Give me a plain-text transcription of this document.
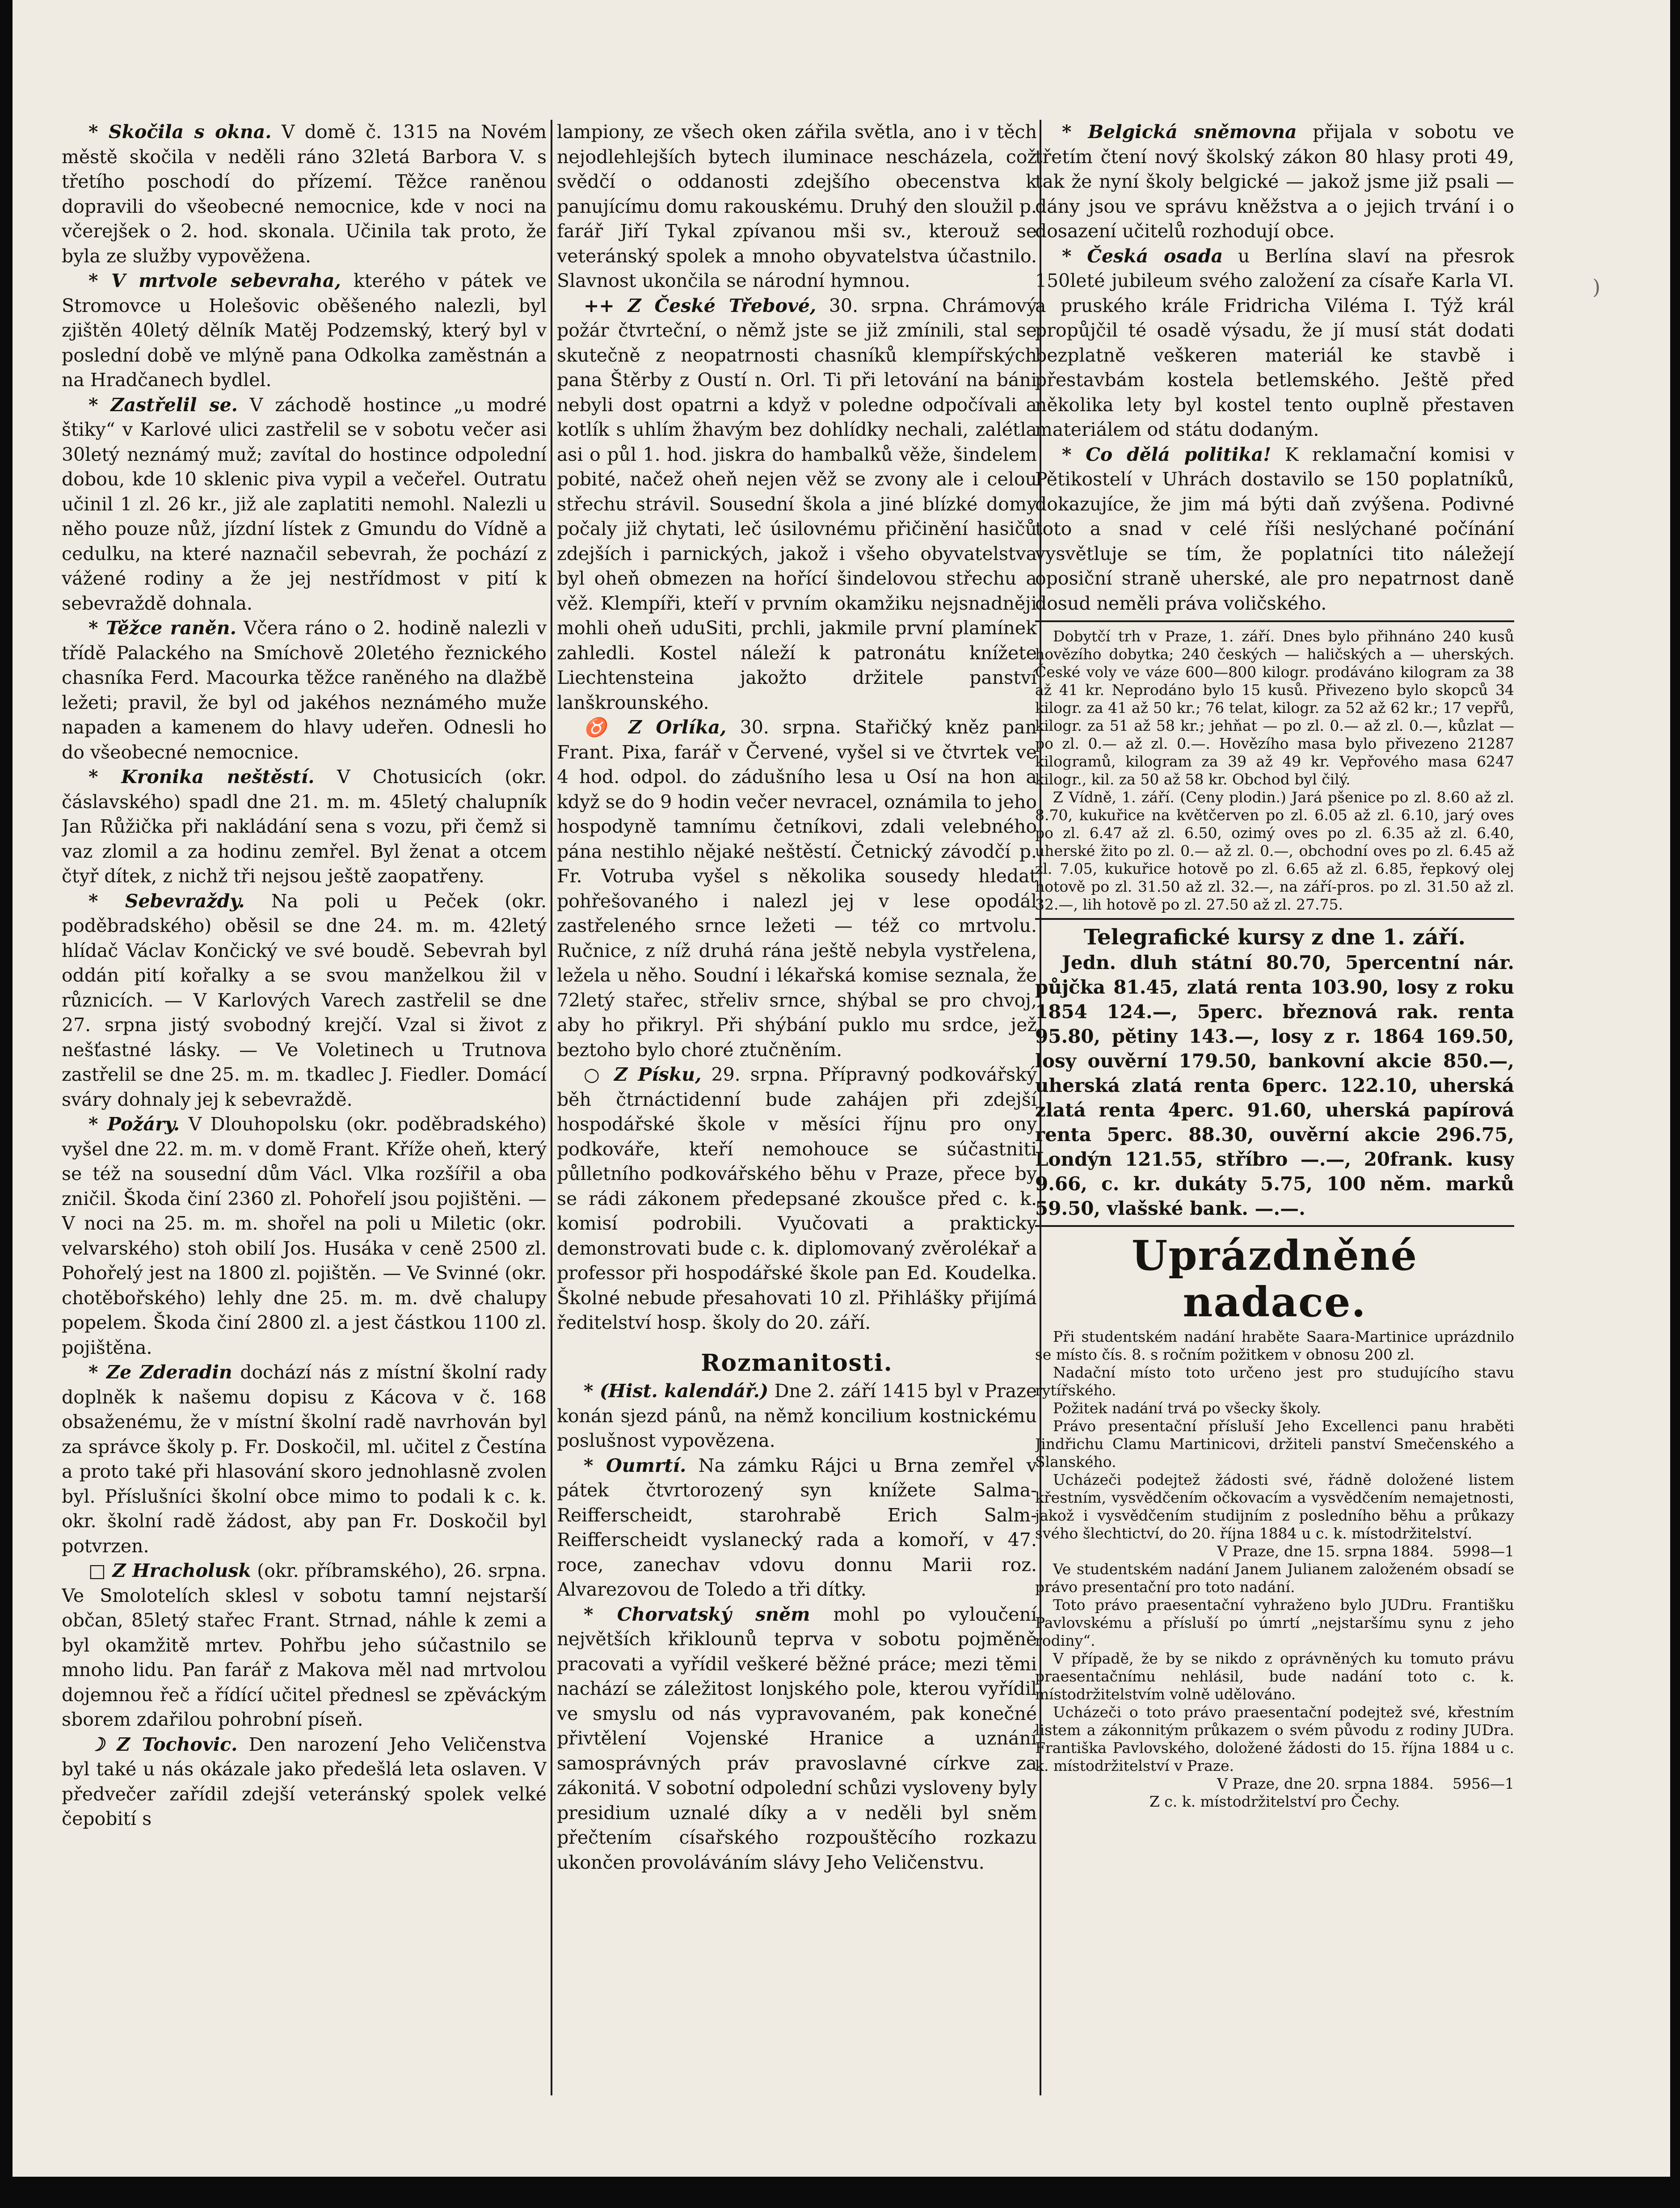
)

* Skočila s okna. V domě č. 1315 na Novém městě skočila v neděli ráno 32letá Barbora V. s třetího poschodí do přízemí. Těžce raněnou dopravili do všeobecné nemocnice, kde v noci na včerejšek o 2. hod. skonala. Učinila tak proto, že byla ze služby vypověžena.

* V mrtvole sebevraha, kterého v pátek ve Stromovce u Holešovic oběšeného nalezli, byl zjištěn 40letý dělník Matěj Podzemský, který byl v poslední době ve mlýně pana Odkolka zaměstnán a na Hradčanech bydlel.

* Zastřelil se. V záchodě hostince „u modré štiky“ v Karlové ulici zastřelil se v sobotu večer asi 30letý neznámý muž; zavítal do hostince odpolední dobou, kde 10 sklenic piva vypil a večeřel. Outratu učinil 1 zl. 26 kr., již ale zaplatiti nemohl. Nalezli u něho pouze nůž, jízdní lístek z Gmundu do Vídně a cedulku, na které naznačil sebevrah, že pochází z vážené rodiny a že jej nestřídmost v pití k sebevraždě dohnala.

* Těžce raněn. Včera ráno o 2. hodině nalezli v třídě Palackého na Smíchově 20letého řeznického chasníka Ferd. Macourka těžce raněného na dlažbě ležeti; pravil, že byl od jakéhos neznámého muže napaden a kamenem do hlavy udeřen. Odnesli ho do všeobecné nemocnice.

* Kronika neštěstí. V Chotusicích (okr. čáslavského) spadl dne 21. m. m. 45letý chalupník Jan Růžička při nakládání sena s vozu, při čemž si vaz zlomil a za hodinu zemřel. Byl ženat a otcem čtyř dítek, z nichž tři nejsou ještě zaopatřeny.

* Sebevraždy. Na poli u Peček (okr. poděbradského) oběsil se dne 24. m. m. 42letý hlídač Václav Končický ve své boudě. Sebevrah byl oddán pití kořalky a se svou manželkou žil v různicích. — V Karlových Varech zastřelil se dne 27. srpna jistý svobodný krejčí. Vzal si život z nešťastné lásky. — Ve Voletinech u Trutnova zastřelil se dne 25. m. m. tkadlec J. Fiedler. Domácí sváry dohnaly jej k sebevraždě.

* Požáry. V Dlouhopolsku (okr. poděbradského) vyšel dne 22. m. m. v domě Frant. Kříže oheň, který se též na sousední dům Václ. Vlka rozšířil a oba zničil. Škoda činí 2360 zl. Pohořelí jsou pojištěni. — V noci na 25. m. m. shořel na poli u Miletic (okr. velvarského) stoh obilí Jos. Husáka v ceně 2500 zl. Pohořelý jest na 1800 zl. pojištěn. — Ve Svinné (okr. chotěbořského) lehly dne 25. m. m. dvě chalupy popelem. Škoda činí 2800 zl. a jest částkou 1100 zl. pojištěna.

* Ze Zderadin dochází nás z místní školní rady doplněk k našemu dopisu z Kácova v č. 168 obsaženému, že v místní školní radě navrhován byl za správce školy p. Fr. Doskočil, ml. učitel z Čestína a proto také při hlasování skoro jednohlasně zvolen byl. Příslušníci školní obce mimo to podali k c. k. okr. školní radě žádost, aby pan Fr. Doskočil byl potvrzen.

□ Z Hracholusk (okr. příbramského), 26. srpna. Ve Smolotelích sklesl v sobotu tamní nejstarší občan, 85letý stařec Frant. Strnad, náhle k zemi a byl okamžitě mrtev. Pohřbu jeho súčastnilo se mnoho lidu. Pan farář z Makova měl nad mrtvolou dojemnou řeč a řídící učitel přednesl se zpěváckým sborem zdařilou pohrobní píseň.

☽ Z Tochovic. Den narození Jeho Veličenstva byl také u nás okázale jako předešlá leta oslaven. V předvečer zařídil zdejší veteránský spolek velké čepobití s

lampiony, ze všech oken zářila světla, ano i v těch nejodlehlejších bytech iluminace nescházela, což svědčí o oddanosti zdejšího obecenstva k panujícímu domu rakouskému. Druhý den sloužil p. farář Jiří Tykal zpívanou mši sv., kterouž se veteránský spolek a mnoho obyvatelstva účastnilo. Slavnost ukončila se národní hymnou.

++ Z České Třebové, 30. srpna. Chrámový požár čtvrteční, o němž jste se již zmínili, stal se skutečně z neopatrnosti chasníků klempířských pana Štěrby z Oustí n. Orl. Ti při letování na báni nebyli dost opatrni a když v poledne odpočívali a kotlík s uhlím žhavým bez dohlídky nechali, zalétla asi o půl 1. hod. jiskra do hambalků věže, šindelem pobité, načež oheň nejen věž se zvony ale i celou střechu strávil. Sousední škola a jiné blízké domy počaly již chytati, leč úsilovnému přičinění hasičů zdejších i parnických, jakož i všeho obyvatelstva byl oheň obmezen na hořící šindelovou střechu a věž. Klempíři, kteří v prvním okamžiku nejsnadněji mohli oheň uduSiti, prchli, jakmile první plamínek zahledli. Kostel náleží k patronátu knížete Liechtensteina jakožto držitele panství lanškrounského.

♉ Z Orlíka, 30. srpna. Stařičký kněz pan Frant. Pixa, farář v Červené, vyšel si ve čtvrtek ve 4 hod. odpol. do zádušního lesa u Osí na hon a když se do 9 hodin večer nevracel, oznámila to jeho hospodyně tamnímu četníkovi, zdali velebného pána nestihlo nějaké neštěstí. Četnický závodčí p. Fr. Votruba vyšel s několika sousedy hledat pohřešovaného i nalezl jej v lese opodál zastřeleného srnce ležeti — též co mrtvolu. Ručnice, z níž druhá rána ještě nebyla vystřelena, ležela u něho. Soudní i lékařská komise seznala, že 72letý stařec, střeliv srnce, shýbal se pro chvoj, aby ho přikryl. Při shýbání puklo mu srdce, jež beztoho bylo choré ztučněním.

○ Z Písku, 29. srpna. Přípravný podkovářský běh čtrnáctidenní bude zahájen při zdejší hospodářské škole v měsíci říjnu pro ony podkováře, kteří nemohouce se súčastniti půlletního podkovářského běhu v Praze, přece by se rádi zákonem předepsané zkoušce před c. k. komisí podrobili. Vyučovati a prakticky demonstrovati bude c. k. diplomovaný zvěrolékař a professor při hospodářské škole pan Ed. Koudelka. Školné nebude přesahovati 10 zl. Přihlášky přijímá ředitelství hosp. školy do 20. září.

Rozmanitosti.

* (Hist. kalendář.) Dne 2. září 1415 byl v Praze konán sjezd pánů, na němž koncilium kostnickému poslušnost vypovězena.

* Oumrtí. Na zámku Rájci u Brna zemřel v pátek čtvrtorozený syn knížete Salma-Reifferscheidt, starohrabě Erich Salm-Reifferscheidt vyslanecký rada a komoří, v 47. roce, zanechav vdovu donnu Marii roz. Alvarezovou de Toledo a tři dítky.

* Chorvatský sněm mohl po vyloučení největších křiklounů teprva v sobotu pojměně pracovati a vyřídil veškeré běžné práce; mezi těmi nachází se záležitost lonjského pole, kterou vyřídil ve smyslu od nás vypravovaném, pak konečné přivtělení Vojenské Hranice a uznání samosprávných práv pravoslavné církve za zákonitá. V sobotní odpolední schůzi vysloveny byly presidium uznalé díky a v neděli byl sněm přečtením císařského rozpouštěcího rozkazu ukončen provoláváním slávy Jeho Veličenstvu.

* Belgická sněmovna přijala v sobotu ve třetím čtení nový školský zákon 80 hlasy proti 49, tak že nyní školy belgické — jakož jsme již psali — dány jsou ve správu kněžstva a o jejich trvání i o dosazení učitelů rozhodují obce.

* Česká osada u Berlína slaví na přesrok 150leté jubileum svého založení za císaře Karla VI. a pruského krále Fridricha Viléma I. Týž král propůjčil té osadě výsadu, že jí musí stát dodati bezplatně veškeren materiál ke stavbě i přestavbám kostela betlemského. Ještě před několika lety byl kostel tento ouplně přestaven materiálem od státu dodaným.

* Co dělá politika! K reklamační komisi v Pětikostelí v Uhrách dostavilo se 150 poplatníků, dokazujíce, že jim má býti daň zvýšena. Podivné toto a snad v celé říši neslýchané počínání vysvětluje se tím, že poplatníci tito náležejí oposiční straně uherské, ale pro nepatrnost daně dosud neměli práva voličského.

Dobytčí trh v Praze, 1. září. Dnes bylo přihnáno 240 kusů hovězího dobytka; 240 českých — haličských a — uherských. České voly ve váze 600—800 kilogr. prodáváno kilogram za 38 až 41 kr. Neprodáno bylo 15 kusů. Přivezeno bylo skopců 34 kilogr. za 41 až 50 kr.; 76 telat, kilogr. za 52 až 62 kr.; 17 vepřů, kilogr. za 51 až 58 kr.; jehňat — po zl. 0.— až zl. 0.—, kůzlat — po zl. 0.— až zl. 0.—. Hovězího masa bylo přivezeno 21287 kilogramů, kilogram za 39 až 49 kr. Vepřového masa 6247 kilogr., kil. za 50 až 58 kr. Obchod byl čilý.

Z Vídně, 1. září. (Ceny plodin.) Jará pšenice po zl. 8.60 až zl. 8.70, kukuřice na květčerven po zl. 6.05 až zl. 6.10, jarý oves po zl. 6.47 až zl. 6.50, ozimý oves po zl. 6.35 až zl. 6.40, uherské žito po zl. 0.— až zl. 0.—, obchodní oves po zl. 6.45 až zl. 7.05, kukuřice hotově po zl. 6.65 až zl. 6.85, řepkový olej hotově po zl. 31.50 až zl. 32.—, na září-pros. po zl. 31.50 až zl. 32.—, lih hotově po zl. 27.50 až zl. 27.75.

Telegrafické kursy z dne 1. září.

Jedn. dluh státní 80.70, 5percentní nár. půjčka 81.45, zlatá renta 103.90, losy z roku 1854 124.—, 5perc. březnová rak. renta 95.80, pětiny 143.—, losy z r. 1864 169.50, losy ouvěrní 179.50, bankovní akcie 850.—, uherská zlatá renta 6perc. 122.10, uherská zlatá renta 4perc. 91.60, uherská papírová renta 5perc. 88.30, ouvěrní akcie 296.75, Londýn 121.55, stříbro —.—, 20frank. kusy 9.66, c. kr. dukáty 5.75, 100 něm. marků 59.50, vlašské bank. —.—.

Uprázdněné nadace.

Při studentském nadání hraběte Saara-Martinice uprázdnilo se místo čís. 8. s ročním požitkem v obnosu 200 zl.

Nadační místo toto určeno jest pro studujícího stavu rytířského.

Požitek nadání trvá po všecky školy.

Právo presentační přísluší Jeho Excellenci panu hraběti Jindřichu Clamu Martinicovi, držiteli panství Smečenského a Slanského.

Ucházeči podejtež žádosti své, řádně doložené listem křestním, vysvědčením očkovacím a vysvědčením nemajetnosti, jakož i vysvědčením studijním z posledního běhu a průkazy svého šlechtictví, do 20. října 1884 u c. k. místodržitelství.

V Praze, dne 15. srpna 1884. 5998—1

Ve studentském nadání Janem Julianem založeném obsadí se právo presentační pro toto nadání.

Toto právo praesentační vyhraženo bylo JUDru. Františku Pavlovskému a přísluší po úmrtí „nejstaršímu synu z jeho rodiny“.

V případě, že by se nikdo z oprávněných ku tomuto právu praesentačnímu nehlásil, bude nadání toto c. k. místodržitelstvím volně udělováno.

Ucházeči o toto právo praesentační podejtež své, křestním listem a zákonnitým průkazem o svém původu z rodiny JUDra. Františka Pavlovského, doložené žádosti do 15. října 1884 u c. k. místodržitelství v Praze.

V Praze, dne 20. srpna 1884. 5956—1
Z c. k. místodržitelství pro Čechy.
